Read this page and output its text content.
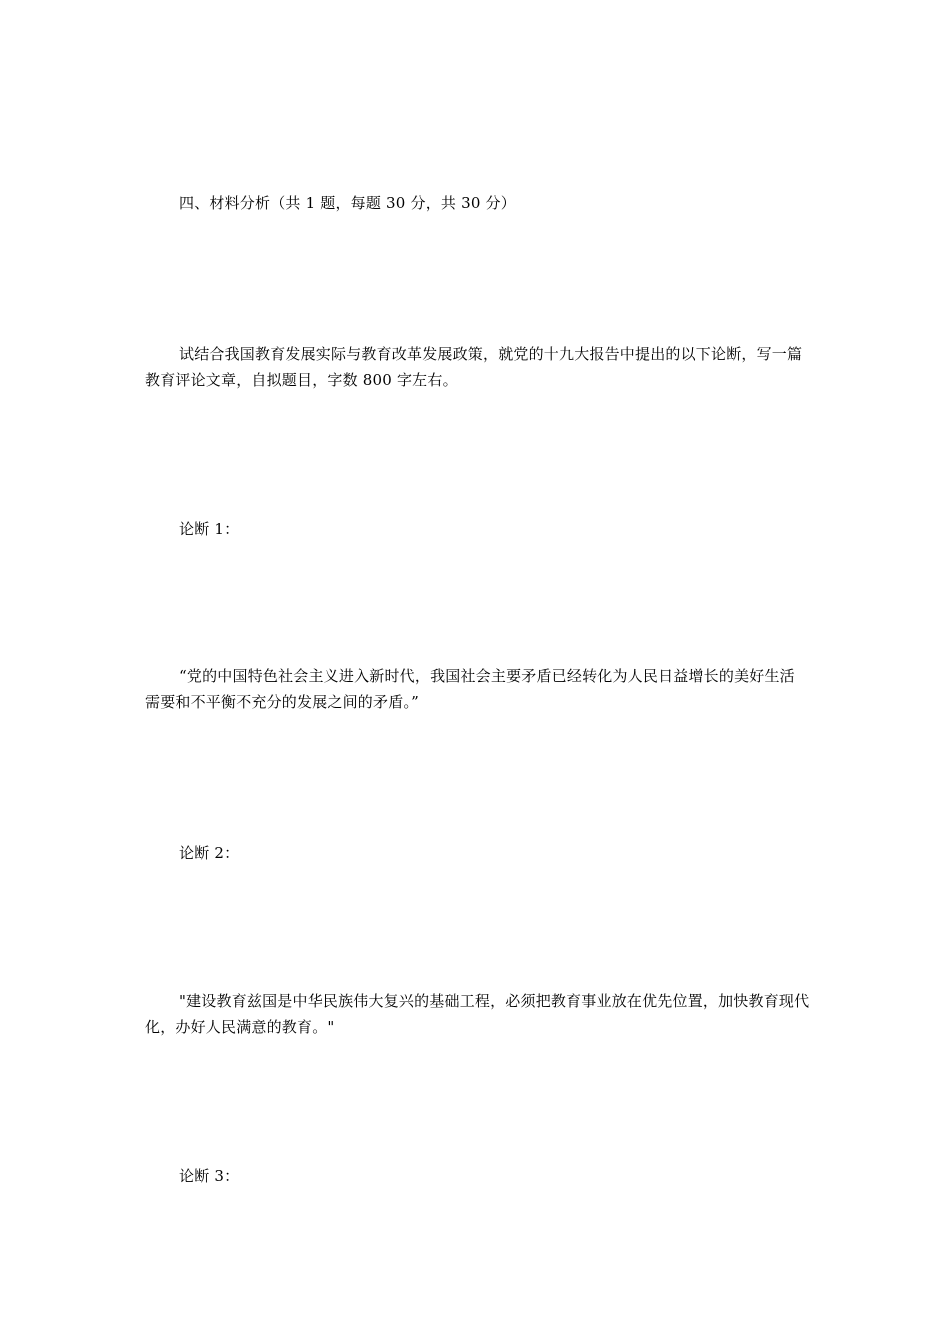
四、材料分析（共 1 题，每题 30 分，共 30 分）

试结合我国教育发展实际与教育改革发展政策，就党的十九大报告中提出的以下论断，写一篇教育评论文章，自拟题目，字数 800 字左右。

论断 1：

“党的中国特色社会主义进入新时代，我国社会主要矛盾已经转化为人民日益增长的美好生活需要和不平衡不充分的发展之间的矛盾。”

论断 2：

"建设教育兹国是中华民族伟大复兴的基础工程，必须把教育事业放在优先位置，加快教育现代化，办好人民满意的教育。"

论断 3：
